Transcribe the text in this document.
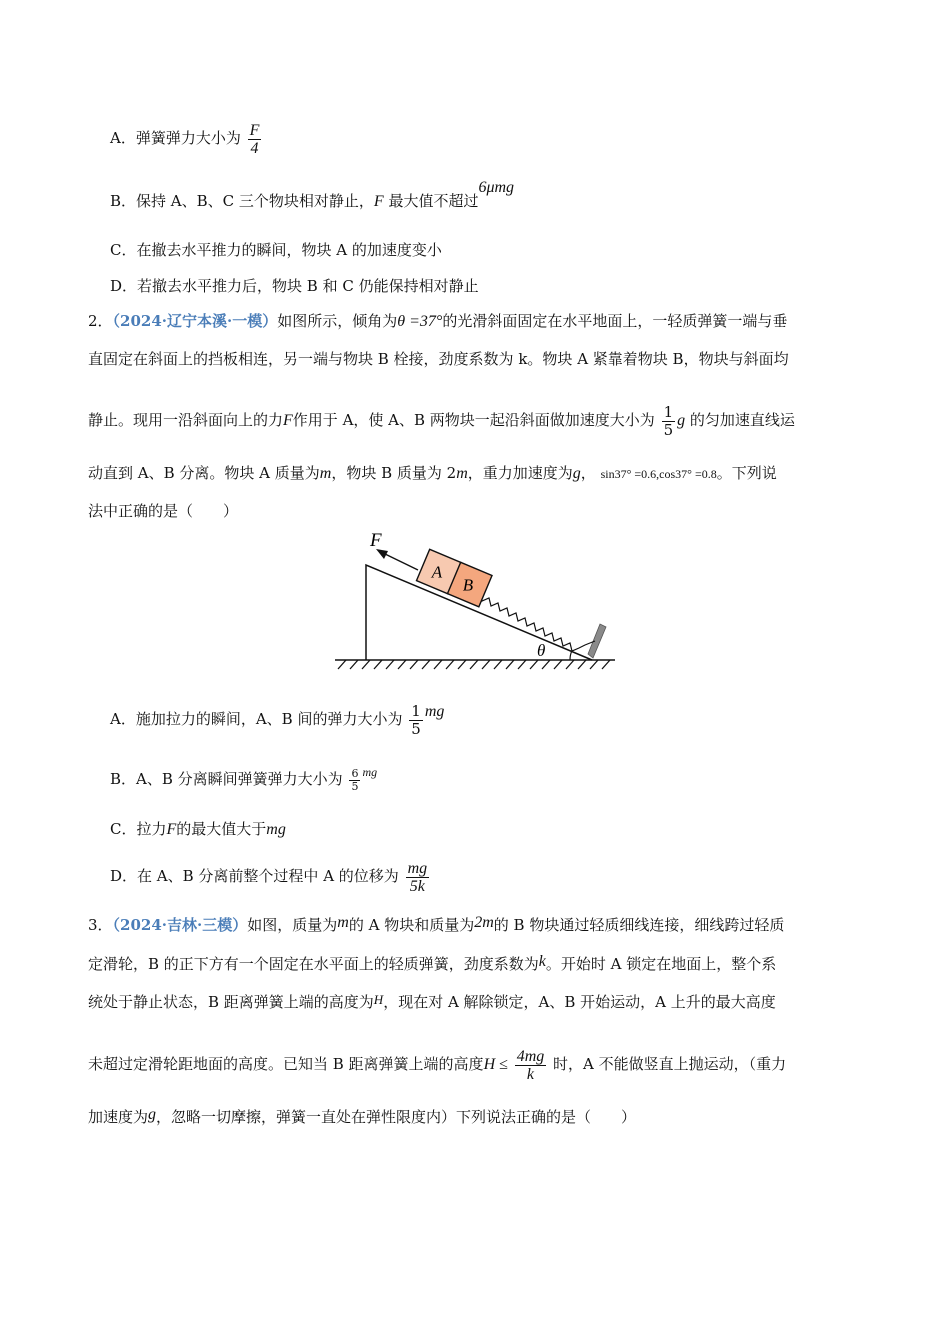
A．弹簧弹力大小为 $\frac{F}{4}$
B．保持 A、B、C 三个物块相对静止，F 最大值不超过6μmg
C．在撤去水平推力的瞬间，物块 A 的加速度变小
D．若撤去水平推力后，物块 B 和 C 仍能保持相对静止
2．（2024·辽宁本溪·一模）如图所示，倾角为θ =37°的光滑斜面固定在水平地面上，一轻质弹簧一端与垂
直固定在斜面上的挡板相连，另一端与物块 B 栓接，劲度系数为 k。物块 A 紧靠着物块 B，物块与斜面均
静止。现用一沿斜面向上的力F作用于 A，使 A、B 两物块一起沿斜面做加速度大小为 $\frac{1}{5}$ g 的匀加速直线运
动直到 A、B 分离。物块 A 质量为m，物块 B 质量为 2m，重力加速度为g， sin37° =0.6,cos37° =0.8。下列说
法中正确的是（　　）
θ
A
B
F
A．施加拉力的瞬间，A、B 间的弹力大小为 $\frac{1}{5}$ mg
B．A、B 分离瞬间弹簧弹力大小为 $\frac{6}{5} ^{mg}$
C．拉力F的最大值大于mg
D．在 A、B 分离前整个过程中 A 的位移为 $\frac{mg}{5k}$
3．（2024·吉林·三模）如图，质量为m的 A 物块和质量为2m的 B 物块通过轻质细线连接，细线跨过轻质
定滑轮，B 的正下方有一个固定在水平面上的轻质弹簧，劲度系数为k。开始时 A 锁定在地面上，整个系
统处于静止状态，B 距离弹簧上端的高度为H，现在对 A 解除锁定，A、B 开始运动，A 上升的最大高度
未超过定滑轮距地面的高度。已知当 B 距离弹簧上端的高度$H \le \frac{4mg}{k}$ 时，A 不能做竖直上抛运动，（重力
加速度为g，忽略一切摩擦，弹簧一直处在弹性限度内）下列说法正确的是（　　）
